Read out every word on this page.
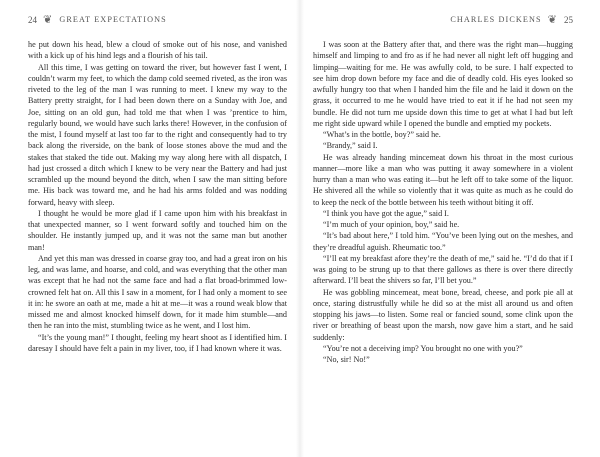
24 ❦ GREAT EXPECTATIONS

he put down his head, blew a cloud of smoke out of his nose, and vanished with a kick up of his hind legs and a flourish of his tail.

All this time, I was getting on toward the river, but however fast I went, I couldn’t warm my feet, to which the damp cold seemed riveted, as the iron was riveted to the leg of the man I was running to meet. I knew my way to the Battery pretty straight, for I had been down there on a Sunday with Joe, and Joe, sitting on an old gun, had told me that when I was ’prentice to him, regularly bound, we would have such larks there! However, in the confusion of the mist, I found myself at last too far to the right and consequently had to try back along the riverside, on the bank of loose stones above the mud and the stakes that staked the tide out. Making my way along here with all dispatch, I had just crossed a ditch which I knew to be very near the Battery and had just scrambled up the mound beyond the ditch, when I saw the man sitting before me. His back was toward me, and he had his arms folded and was nodding forward, heavy with sleep.

I thought he would be more glad if I came upon him with his breakfast in that unexpected manner, so I went forward softly and touched him on the shoulder. He instantly jumped up, and it was not the same man but another man!

And yet this man was dressed in coarse gray too, and had a great iron on his leg, and was lame, and hoarse, and cold, and was everything that the other man was except that he had not the same face and had a flat broad-brimmed low-crowned felt hat on. All this I saw in a moment, for I had only a moment to see it in: he swore an oath at me, made a hit at me—it was a round weak blow that missed me and almost knocked himself down, for it made him stumble—and then he ran into the mist, stumbling twice as he went, and I lost him.

“It’s the young man!” I thought, feeling my heart shoot as I identified him. I daresay I should have felt a pain in my liver, too, if I had known where it was.

CHARLES DICKENS ❦ 25

I was soon at the Battery after that, and there was the right man—hugging himself and limping to and fro as if he had never all night left off hugging and limping—waiting for me. He was awfully cold, to be sure. I half expected to see him drop down before my face and die of deadly cold. His eyes looked so awfully hungry too that when I handed him the file and he laid it down on the grass, it occurred to me he would have tried to eat it if he had not seen my bundle. He did not turn me upside down this time to get at what I had but left me right side upward while I opened the bundle and emptied my pockets.

“What’s in the bottle, boy?” said he.

“Brandy,” said I.

He was already handing mincemeat down his throat in the most curious manner—more like a man who was putting it away somewhere in a violent hurry than a man who was eating it—but he left off to take some of the liquor. He shivered all the while so violently that it was quite as much as he could do to keep the neck of the bottle between his teeth without biting it off.

“I think you have got the ague,” said I.

“I’m much of your opinion, boy,” said he.

“It’s bad about here,” I told him. “You’ve been lying out on the meshes, and they’re dreadful aguish. Rheumatic too.”

“I’ll eat my breakfast afore they’re the death of me,” said he. “I’d do that if I was going to be strung up to that there gallows as there is over there directly afterward. I’ll beat the shivers so far, I’ll bet you.”

He was gobbling mincemeat, meat bone, bread, cheese, and pork pie all at once, staring distrustfully while he did so at the mist all around us and often stopping his jaws—to listen. Some real or fancied sound, some clink upon the river or breathing of beast upon the marsh, now gave him a start, and he said suddenly:

“You’re not a deceiving imp? You brought no one with you?”

“No, sir! No!”
